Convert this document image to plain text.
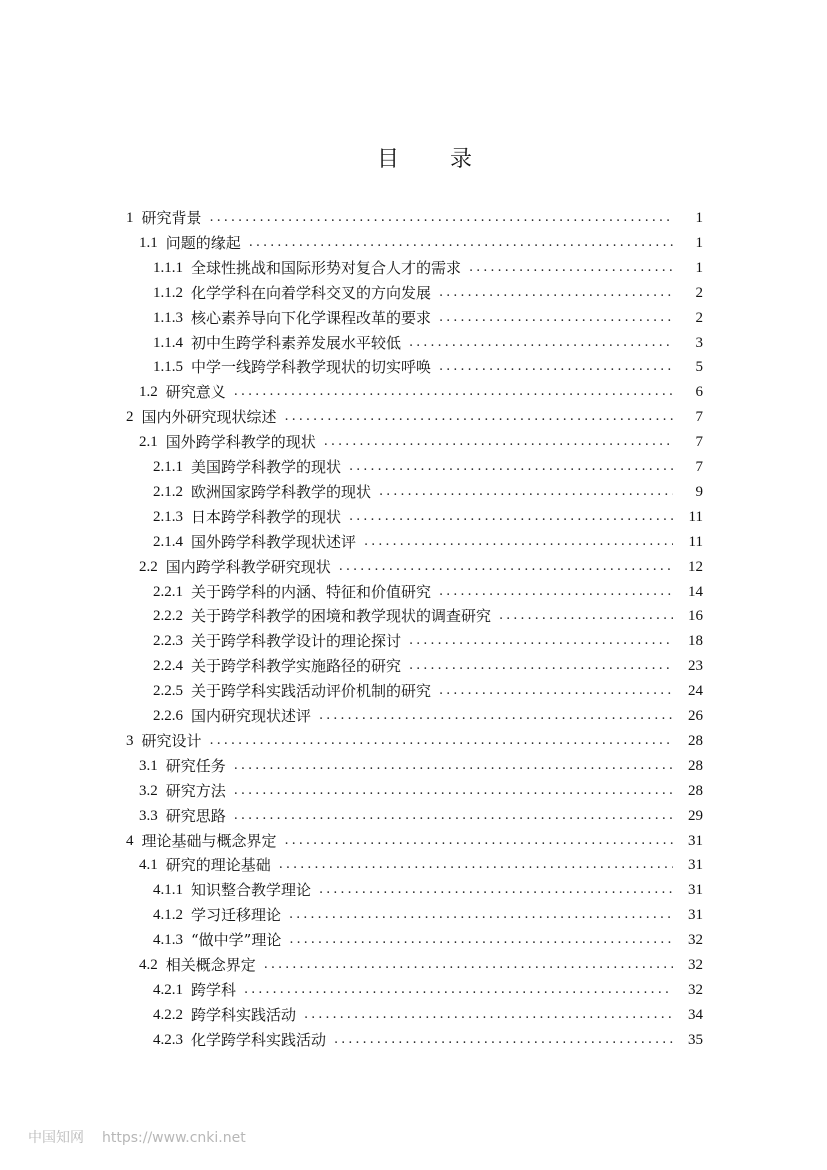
目 录
1 研究背景 .....	1
1.1 问题的缘起 .....	1
1.1.1 全球性挑战和国际形势对复合人才的需求 .....	1
1.1.2 化学学科在向着学科交叉的方向发展 .....	2
1.1.3 核心素养导向下化学课程改革的要求 .....	2
1.1.4 初中生跨学科素养发展水平较低 .....	3
1.1.5 中学一线跨学科教学现状的切实呼唤 .....	5
1.2 研究意义 .....	6
2 国内外研究现状综述 .....	7
2.1 国外跨学科教学的现状 .....	7
2.1.1 美国跨学科教学的现状 .....	7
2.1.2 欧洲国家跨学科教学的现状 .....	9
2.1.3 日本跨学科教学的现状 .....	11
2.1.4 国外跨学科教学现状述评 .....	11
2.2 国内跨学科教学研究现状 .....	12
2.2.1 关于跨学科的内涵、特征和价值研究 .....	14
2.2.2 关于跨学科教学的困境和教学现状的调查研究 .....	16
2.2.3 关于跨学科教学设计的理论探讨 .....	18
2.2.4 关于跨学科教学实施路径的研究 .....	23
2.2.5 关于跨学科实践活动评价机制的研究 .....	24
2.2.6 国内研究现状述评 .....	26
3 研究设计 .....	28
3.1 研究任务 .....	28
3.2 研究方法 .....	28
3.3 研究思路 .....	29
4 理论基础与概念界定 .....	31
4.1 研究的理论基础 .....	31
4.1.1 知识整合教学理论 .....	31
4.1.2 学习迁移理论 .....	31
4.1.3 “做中学”理论 .....	32
4.2 相关概念界定 .....	32
4.2.1 跨学科 .....	32
4.2.2 跨学科实践活动 .....	34
4.2.3 化学跨学科实践活动 .....	35
中国知网 https://www.cnki.net
